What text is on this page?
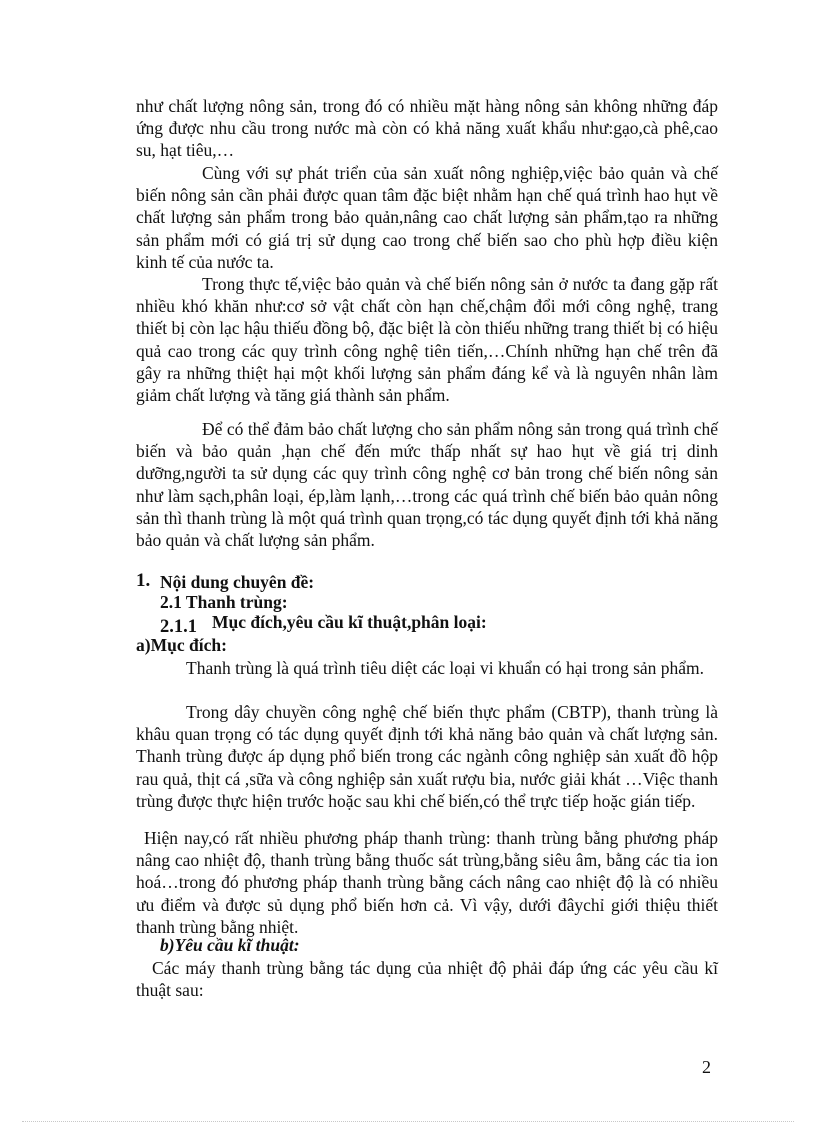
như chất lượng nông sản, trong đó có nhiều mặt hàng nông sản không những đáp ứng được nhu cầu trong nước mà còn có khả năng xuất khẩu như:gạo,cà phê,cao su, hạt tiêu,…

Cùng với sự phát triển của sản xuất nông nghiệp,việc bảo quản và chế biến nông sản cần phải được quan tâm đặc biệt nhằm hạn chế quá trình hao hụt về chất lượng sản phẩm trong bảo quản,nâng cao chất lượng sản phẩm,tạo ra những sản phẩm mới có giá trị sử dụng cao trong chế biến sao cho phù hợp điều kiện kinh tế của nước ta.

Trong thực tế,việc bảo quản và chế biến nông sản ở nước ta đang gặp rất nhiều khó khăn như:cơ sở vật chất còn hạn chế,chậm đổi mới công nghệ, trang thiết bị còn lạc hậu thiếu đồng bộ, đặc biệt là còn thiếu những trang thiết bị có hiệu quả cao trong các quy trình công nghệ tiên tiến,…Chính những hạn chế trên đã gây ra những thiệt hại một khối lượng sản phẩm đáng kể và là nguyên nhân làm giảm chất lượng và tăng giá thành sản phẩm.

Để có thể đảm bảo chất lượng cho sản phẩm nông sản trong quá trình chế biến và bảo quản ,hạn chế đến mức thấp nhất sự hao hụt về giá trị dinh dưỡng,người ta sử dụng các quy trình công nghệ cơ bản trong chế biến nông sản như làm sạch,phân loại, ép,làm lạnh,…trong các quá trình chế biến bảo quản nông sản thì thanh trùng là một quá trình quan trọng,có tác dụng quyết định tới khả năng bảo quản và chất lượng sản phẩm.

1. Nội dung chuyên đề:
2.1 Thanh trùng:
2.1.1 Mục đích,yêu cầu kĩ thuật,phân loại:
a)Mục đích:

Thanh trùng là quá trình tiêu diệt các loại vi khuẩn có hại trong sản phẩm.

Trong dây chuyền công nghệ chế biến thực phẩm (CBTP), thanh trùng là khâu quan trọng có tác dụng quyết định tới khả năng bảo quản và chất lượng sản. Thanh trùng được áp dụng phổ biến trong các ngành công nghiệp sản xuất đồ hộp rau quả, thịt cá ,sữa và công nghiệp sản xuất rượu bia, nước giải khát …Việc thanh trùng được thực hiện trước hoặc sau khi chế biến,có thể trực tiếp hoặc gián tiếp.

Hiện nay,có rất nhiều phương pháp thanh trùng: thanh trùng bằng phương pháp nâng cao nhiệt độ, thanh trùng bằng thuốc sát trùng,bằng siêu âm, bằng các tia ion hoá…trong đó phương pháp thanh trùng bằng cách nâng cao nhiệt độ là có nhiều ưu điểm và được sủ dụng phổ biến hơn cả. Vì vậy, dưới đâychỉ giới thiệu thiết thanh trùng bằng nhiệt.

b)Yêu cầu kĩ thuật:

Các máy thanh trùng bằng tác dụng của nhiệt độ phải đáp ứng các yêu cầu kĩ thuật sau:

2
